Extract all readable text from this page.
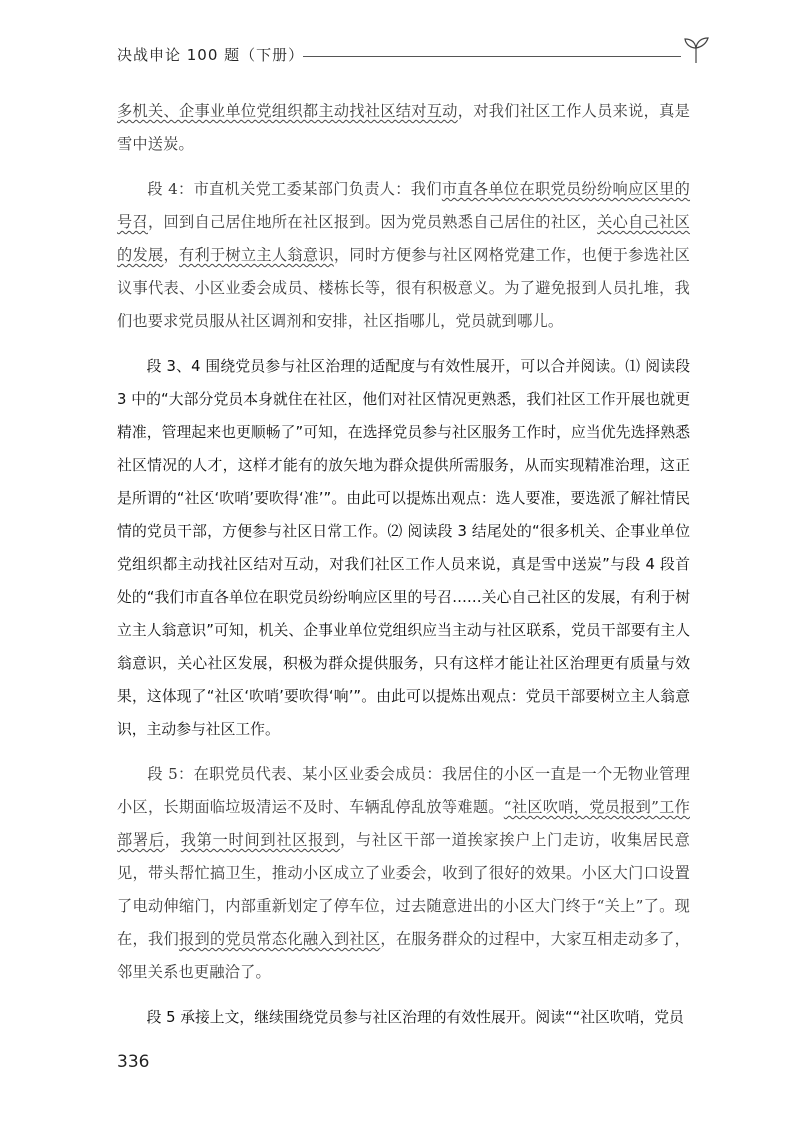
决战申论 100 题（下册）

多机关、企事业单位党组织都主动找社区结对互动，对我们社区工作人员来说，真是雪中送炭。

段 4：市直机关党工委某部门负责人：我们市直各单位在职党员纷纷响应区里的号召，回到自己居住地所在社区报到。因为党员熟悉自己居住的社区，关心自己社区的发展，有利于树立主人翁意识，同时方便参与社区网格党建工作，也便于参选社区议事代表、小区业委会成员、楼栋长等，很有积极意义。为了避免报到人员扎堆，我们也要求党员服从社区调剂和安排，社区指哪儿，党员就到哪儿。

段 3、4 围绕党员参与社区治理的适配度与有效性展开，可以合并阅读。⑴ 阅读段 3 中的“大部分党员本身就住在社区，他们对社区情况更熟悉，我们社区工作开展也就更精准，管理起来也更顺畅了”可知，在选择党员参与社区服务工作时，应当优先选择熟悉社区情况的人才，这样才能有的放矢地为群众提供所需服务，从而实现精准治理，这正是所谓的“社区‘吹哨’要吹得‘准’”。由此可以提炼出观点：选人要准，要选派了解社情民情的党员干部，方便参与社区日常工作。⑵ 阅读段 3 结尾处的“很多机关、企事业单位党组织都主动找社区结对互动，对我们社区工作人员来说，真是雪中送炭”与段 4 段首处的“我们市直各单位在职党员纷纷响应区里的号召……关心自己社区的发展，有利于树立主人翁意识”可知，机关、企事业单位党组织应当主动与社区联系，党员干部要有主人翁意识，关心社区发展，积极为群众提供服务，只有这样才能让社区治理更有质量与效果，这体现了“社区‘吹哨’要吹得‘响’”。由此可以提炼出观点：党员干部要树立主人翁意识，主动参与社区工作。

段 5：在职党员代表、某小区业委会成员：我居住的小区一直是一个无物业管理小区，长期面临垃圾清运不及时、车辆乱停乱放等难题。“社区吹哨，党员报到”工作部署后，我第一时间到社区报到，与社区干部一道挨家挨户上门走访，收集居民意见，带头帮忙搞卫生，推动小区成立了业委会，收到了很好的效果。小区大门口设置了电动伸缩门，内部重新划定了停车位，过去随意进出的小区大门终于“关上”了。现在，我们报到的党员常态化融入到社区，在服务群众的过程中，大家互相走动多了，邻里关系也更融洽了。

段 5 承接上文，继续围绕党员参与社区治理的有效性展开。阅读““社区吹哨，党员

336
